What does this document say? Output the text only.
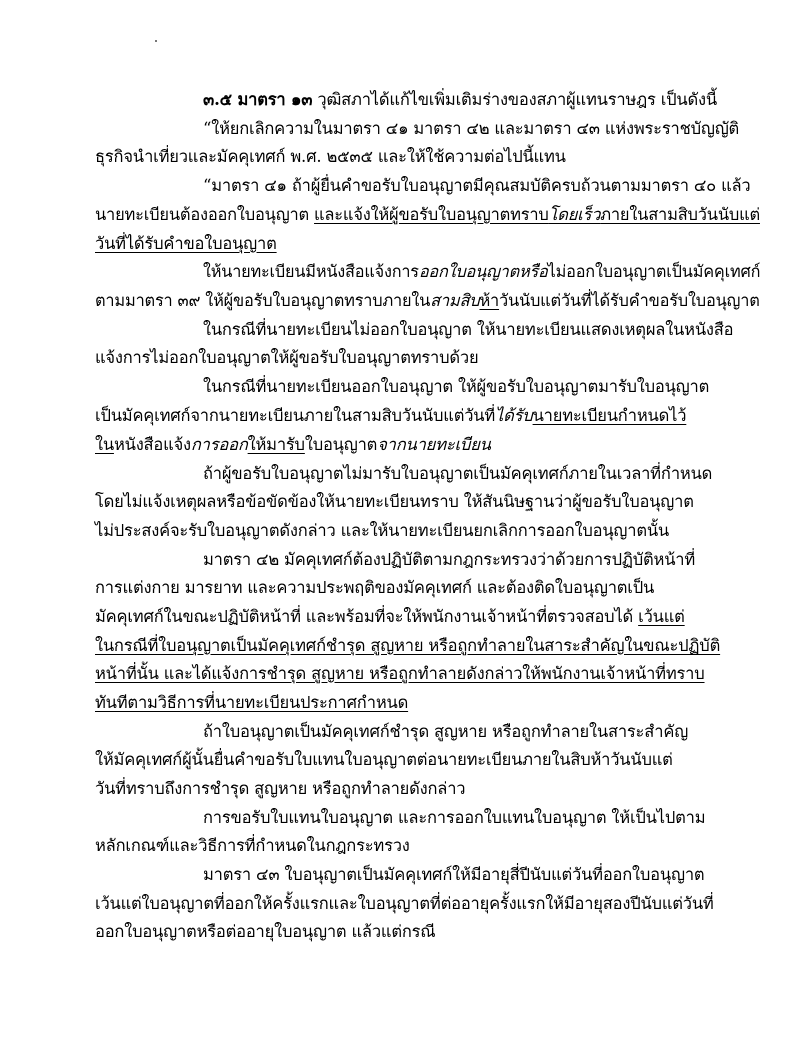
๓.๕ มาตรา ๑๓ วุฒิสภาได้แก้ไขเพิ่มเติมร่างของสภาผู้แทนราษฎร เป็นดังนี้
“ให้ยกเลิกความในมาตรา ๔๑ มาตรา ๔๒ และมาตรา ๔๓ แห่งพระราชบัญญัติ
ธุรกิจนำเที่ยวและมัคคุเทศก์ พ.ศ. ๒๕๓๕ และให้ใช้ความต่อไปนี้แทน
“มาตรา ๔๑ ถ้าผู้ยื่นคำขอรับใบอนุญาตมีคุณสมบัติครบถ้วนตามมาตรา ๔๐ แล้ว
นายทะเบียนต้องออกใบอนุญาต และแจ้งให้ผู้ขอรับใบอนุญาตทราบโดยเร็วภายในสามสิบวันนับแต่
วันที่ได้รับคำขอใบอนุญาต
ให้นายทะเบียนมีหนังสือแจ้งการออกใบอนุญาตหรือไม่ออกใบอนุญาตเป็นมัคคุเทศก์
ตามมาตรา ๓๙ ให้ผู้ขอรับใบอนุญาตทราบภายในสามสิบห้าวันนับแต่วันที่ได้รับคำขอรับใบอนุญาต
ในกรณีที่นายทะเบียนไม่ออกใบอนุญาต ให้นายทะเบียนแสดงเหตุผลในหนังสือ
แจ้งการไม่ออกใบอนุญาตให้ผู้ขอรับใบอนุญาตทราบด้วย
ในกรณีที่นายทะเบียนออกใบอนุญาต ให้ผู้ขอรับใบอนุญาตมารับใบอนุญาต
เป็นมัคคุเทศก์จากนายทะเบียนภายในสามสิบวันนับแต่วันที่ได้รับนายทะเบียนกำหนดไว้
ในหนังสือแจ้งการออกให้มารับใบอนุญาตจากนายทะเบียน
ถ้าผู้ขอรับใบอนุญาตไม่มารับใบอนุญาตเป็นมัคคุเทศก์ภายในเวลาที่กำหนด
โดยไม่แจ้งเหตุผลหรือข้อขัดข้องให้นายทะเบียนทราบ ให้สันนิษฐานว่าผู้ขอรับใบอนุญาต
ไม่ประสงค์จะรับใบอนุญาตดังกล่าว และให้นายทะเบียนยกเลิกการออกใบอนุญาตนั้น
มาตรา ๔๒ มัคคุเทศก์ต้องปฏิบัติตามกฎกระทรวงว่าด้วยการปฏิบัติหน้าที่
การแต่งกาย มารยาท และความประพฤติของมัคคุเทศก์ และต้องติดใบอนุญาตเป็น
มัคคุเทศก์ในขณะปฏิบัติหน้าที่ และพร้อมที่จะให้พนักงานเจ้าหน้าที่ตรวจสอบได้ เว้นแต่
ในกรณีที่ใบอนุญาตเป็นมัคคุเทศก์ชำรุด สูญหาย หรือถูกทำลายในสาระสำคัญในขณะปฏิบัติ
หน้าที่นั้น และได้แจ้งการชำรุด สูญหาย หรือถูกทำลายดังกล่าวให้พนักงานเจ้าหน้าที่ทราบ
ทันทีตามวิธีการที่นายทะเบียนประกาศกำหนด
ถ้าใบอนุญาตเป็นมัคคุเทศก์ชำรุด สูญหาย หรือถูกทำลายในสาระสำคัญ
ให้มัคคุเทศก์ผู้นั้นยื่นคำขอรับใบแทนใบอนุญาตต่อนายทะเบียนภายในสิบห้าวันนับแต่
วันที่ทราบถึงการชำรุด สูญหาย หรือถูกทำลายดังกล่าว
การขอรับใบแทนใบอนุญาต และการออกใบแทนใบอนุญาต ให้เป็นไปตาม
หลักเกณฑ์และวิธีการที่กำหนดในกฎกระทรวง
มาตรา ๔๓ ใบอนุญาตเป็นมัคคุเทศก์ให้มีอายุสี่ปีนับแต่วันที่ออกใบอนุญาต
เว้นแต่ใบอนุญาตที่ออกให้ครั้งแรกและใบอนุญาตที่ต่ออายุครั้งแรกให้มีอายุสองปีนับแต่วันที่
ออกใบอนุญาตหรือต่ออายุใบอนุญาต แล้วแต่กรณี
